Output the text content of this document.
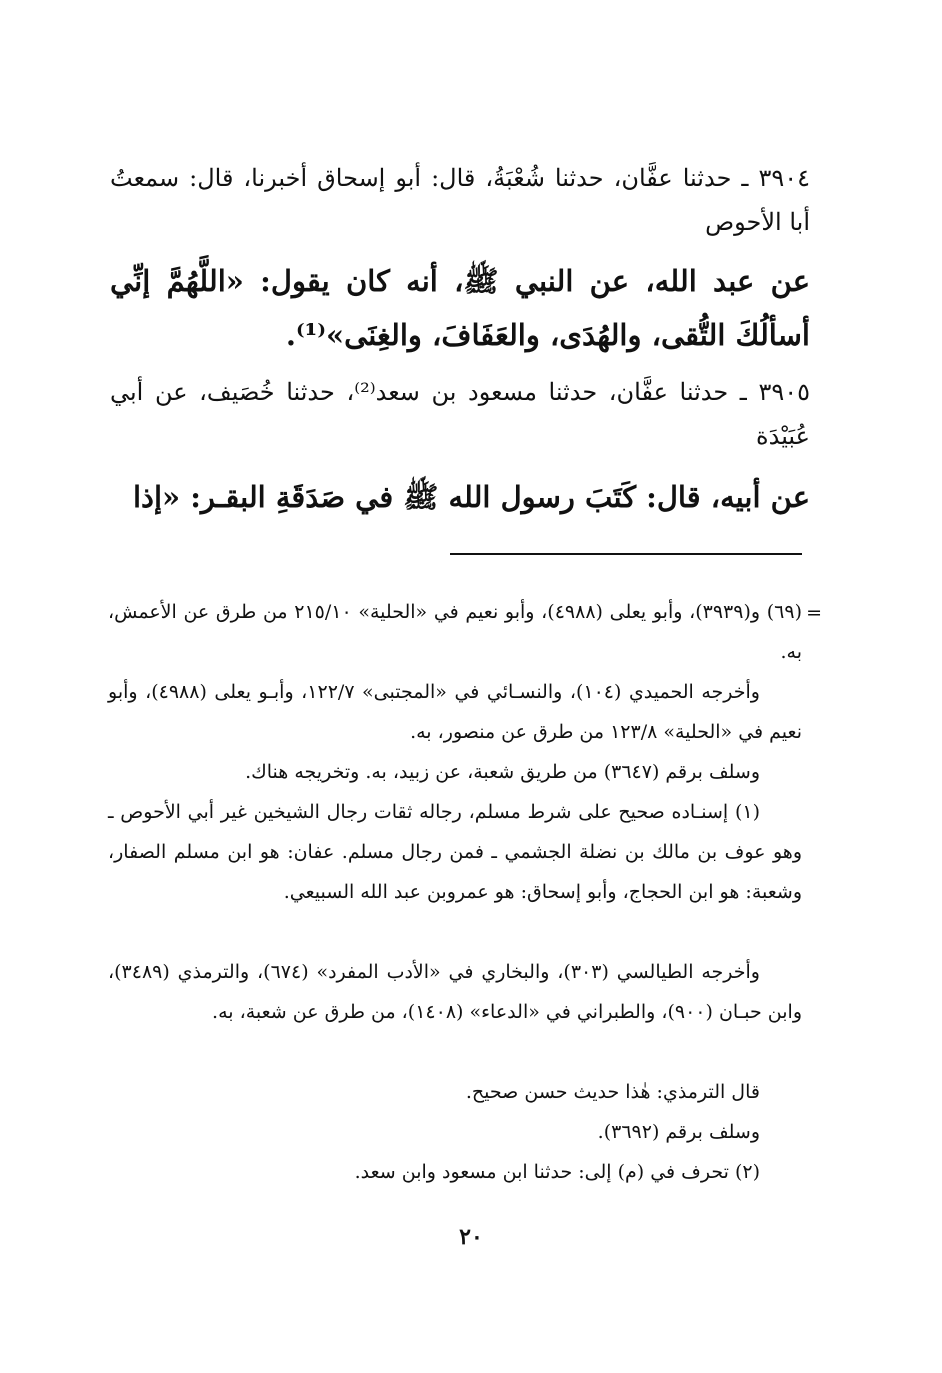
٣٩٠٤ ـ حدثنا عفَّان، حدثنا شُعْبَةُ، قال: أبو إسحاق أخبرنا، قال: سمعتُ أبا الأحوص

عن عبد الله، عن النبي ﷺ، أنه كان يقول: «اللَّهُمَّ إنِّي أسألُكَ التُّقى، والهُدَى، والعَفَافَ، والغِنَى»⁽¹⁾.

٣٩٠٥ ـ حدثنا عفَّان، حدثنا مسعود بن سعد⁽²⁾، حدثنا خُصَيف، عن أبي عُبَيْدَة

عن أبيه، قال: كَتَبَ رسول الله ﷺ في صَدَقَةِ البقـر: «إذا

=

(٦٩) و(٣٩٣٩)، وأبو يعلى (٤٩٨٨)، وأبو نعيم في «الحلية» ٢١٥/١٠ من طرق عن الأعمش، به.

وأخرجه الحميدي (١٠٤)، والنسـائي في «المجتبى» ١٢٢/٧، وأبـو يعلى (٤٩٨٨)، وأبو نعيم في «الحلية» ١٢٣/٨ من طرق عن منصور، به.

وسلف برقم (٣٦٤٧) من طريق شعبة، عن زبيد، به. وتخريجه هناك.

(١) إسنـاده صحيح على شرط مسلم، رجاله ثقات رجال الشيخين غير أبي الأحوص ـ وهو عوف بن مالك بن نضلة الجشمي ـ فمن رجال مسلم. عفان: هو ابن مسلم الصفار، وشعبة: هو ابن الحجاج، وأبو إسحاق: هو عمروبن عبد الله السبيعي.

وأخرجه الطيالسي (٣٠٣)، والبخاري في «الأدب المفرد» (٦٧٤)، والترمذي (٣٤٨٩)، وابن حبـان (٩٠٠)، والطبراني في «الدعاء» (١٤٠٨)، من طرق عن شعبة، به.

قال الترمذي: هٰذا حديث حسن صحيح.

وسلف برقم (٣٦٩٢).

(٢) تحرف في (م) إلى: حدثنا ابن مسعود وابن سعد.

٢٠
